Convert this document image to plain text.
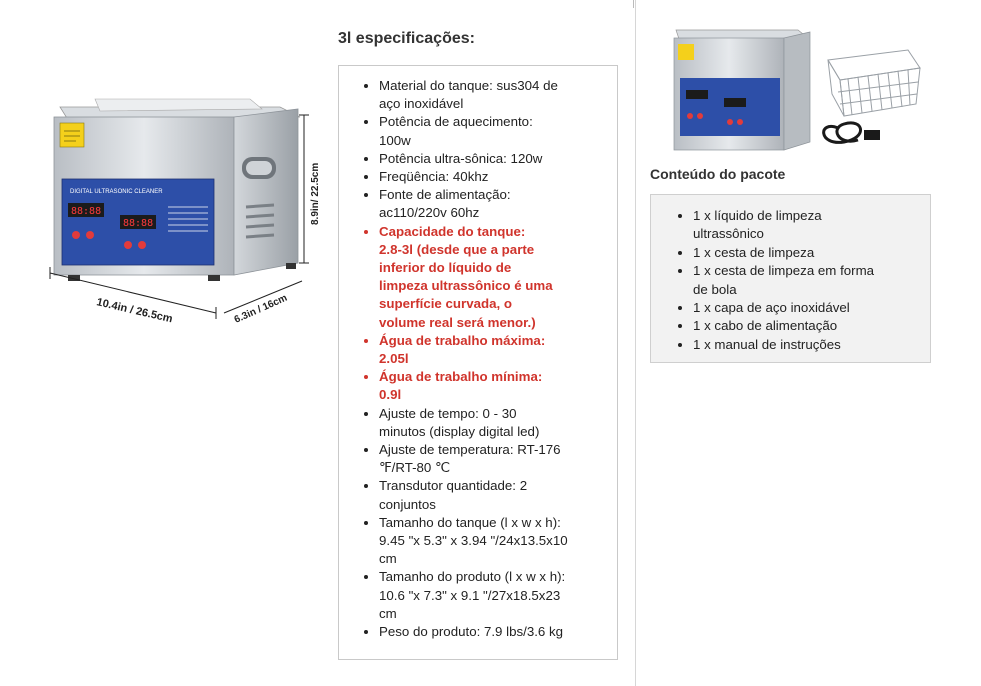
DIGITAL ULTRASONIC CLEANER
88:88
88:88
10.4in / 26.5cm	6.3in / 16cm
8.9in/ 22.5cm
3l especificações:
• Material do tanque: sus304 de
aço inoxidável
• Potência de aquecimento:
100w
• Potência ultra-sônica: 120w
• Freqüência: 40khz
• Fonte de alimentação:
ac110/220v 60hz
• Capacidade do tanque:
2.8-3l (desde que a parte
inferior do líquido de
limpeza ultrassônico é uma
superfície curvada, o
volume real será menor.)
• Água de trabalho máxima:
2.05l
• Água de trabalho mínima:
0.9l
• Ajuste de tempo: 0 - 30
minutos (display digital led)
• Ajuste de temperatura: RT-176
℉/RT-80 ℃
• Transdutor quantidade: 2
conjuntos
• Tamanho do tanque (l x w x h):
9.45 "x 5.3" x 3.94 "/24x13.5x10
cm
• Tamanho do produto (l x w x h):
10.6 "x 7.3" x 9.1 "/27x18.5x23
cm
• Peso do produto: 7.9 lbs/3.6 kg
Conteúdo do pacote
• 1 x líquido de limpeza
ultrassônico
• 1 x cesta de limpeza
• 1 x cesta de limpeza em forma
de bola
• 1 x capa de aço inoxidável
• 1 x cabo de alimentação
• 1 x manual de instruções
